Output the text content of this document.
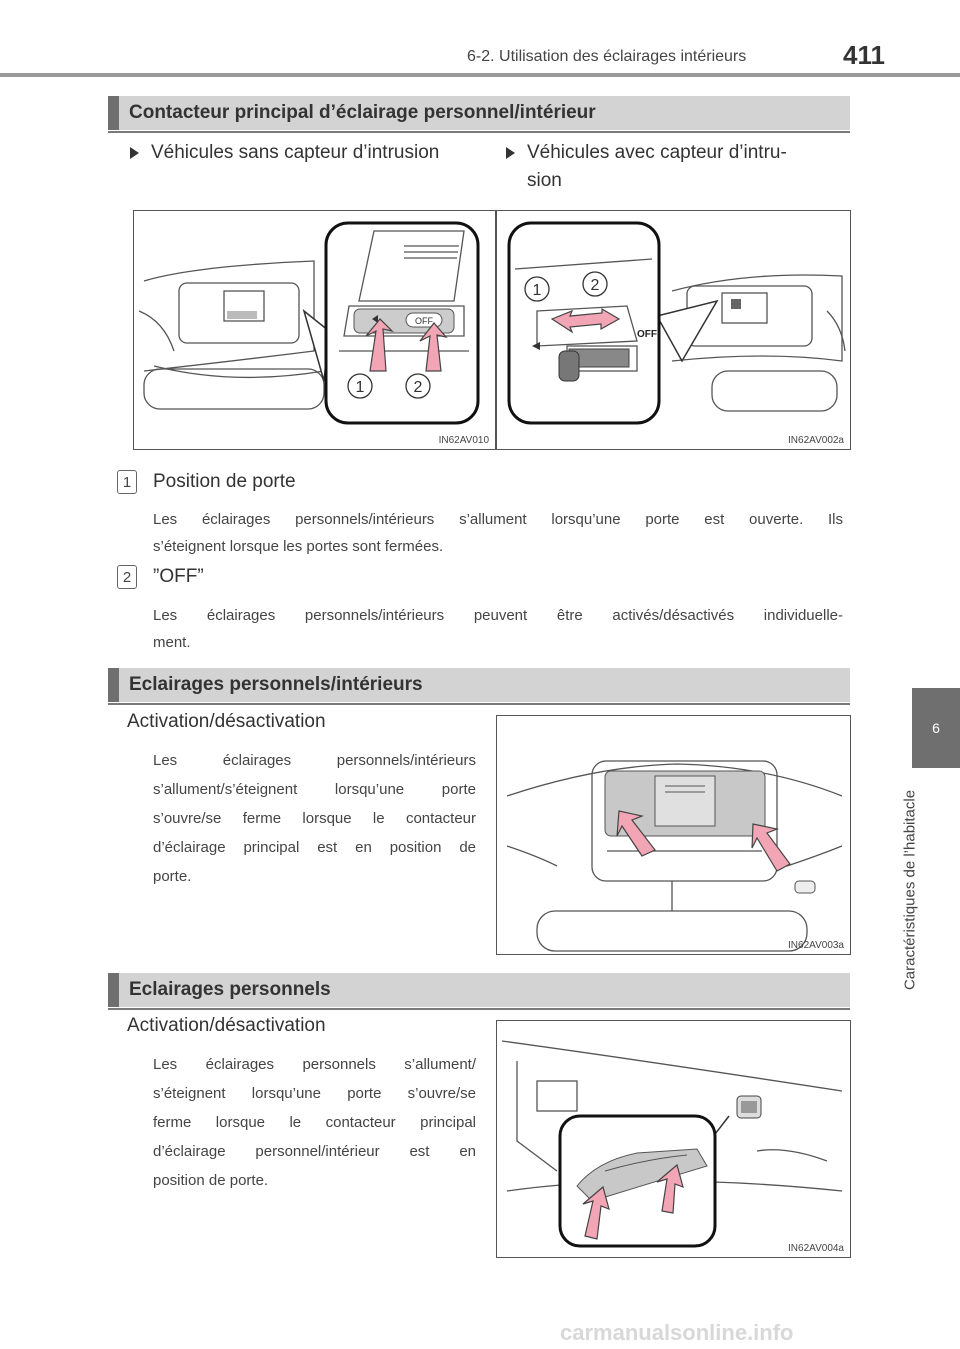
6-2. Utilisation des éclairages intérieurs	411
6
Caractéristiques de l’habitacle
Contacteur principal d’éclairage personnel/intérieur
Véhicules sans capteur d’intrusion	Véhicules avec capteur d’intru-
sion
OFF
1	2
IN62AV010
OFF
1	2
IN62AV002a
1	Position de porte
Les éclairages personnels/intérieurs s’allument lorsqu’une porte est ouverte. Ils
s’éteignent lorsque les portes sont fermées.
2	”OFF”
Les éclairages personnels/intérieurs peuvent être activés/désactivés individuelle-
ment.
Eclairages personnels/intérieurs
Activation/désactivation
Les éclairages personnels/intérieurs
s’allument/s’éteignent lorsqu’une porte
s’ouvre/se ferme lorsque le contacteur
d’éclairage principal est en position de
porte.
IN62AV003a
Eclairages personnels
Activation/désactivation
Les éclairages personnels s’allument/
s’éteignent lorsqu’une porte s’ouvre/se
ferme lorsque le contacteur principal
d’éclairage personnel/intérieur est en
position de porte.
IN62AV004a
carmanualsonline.info
